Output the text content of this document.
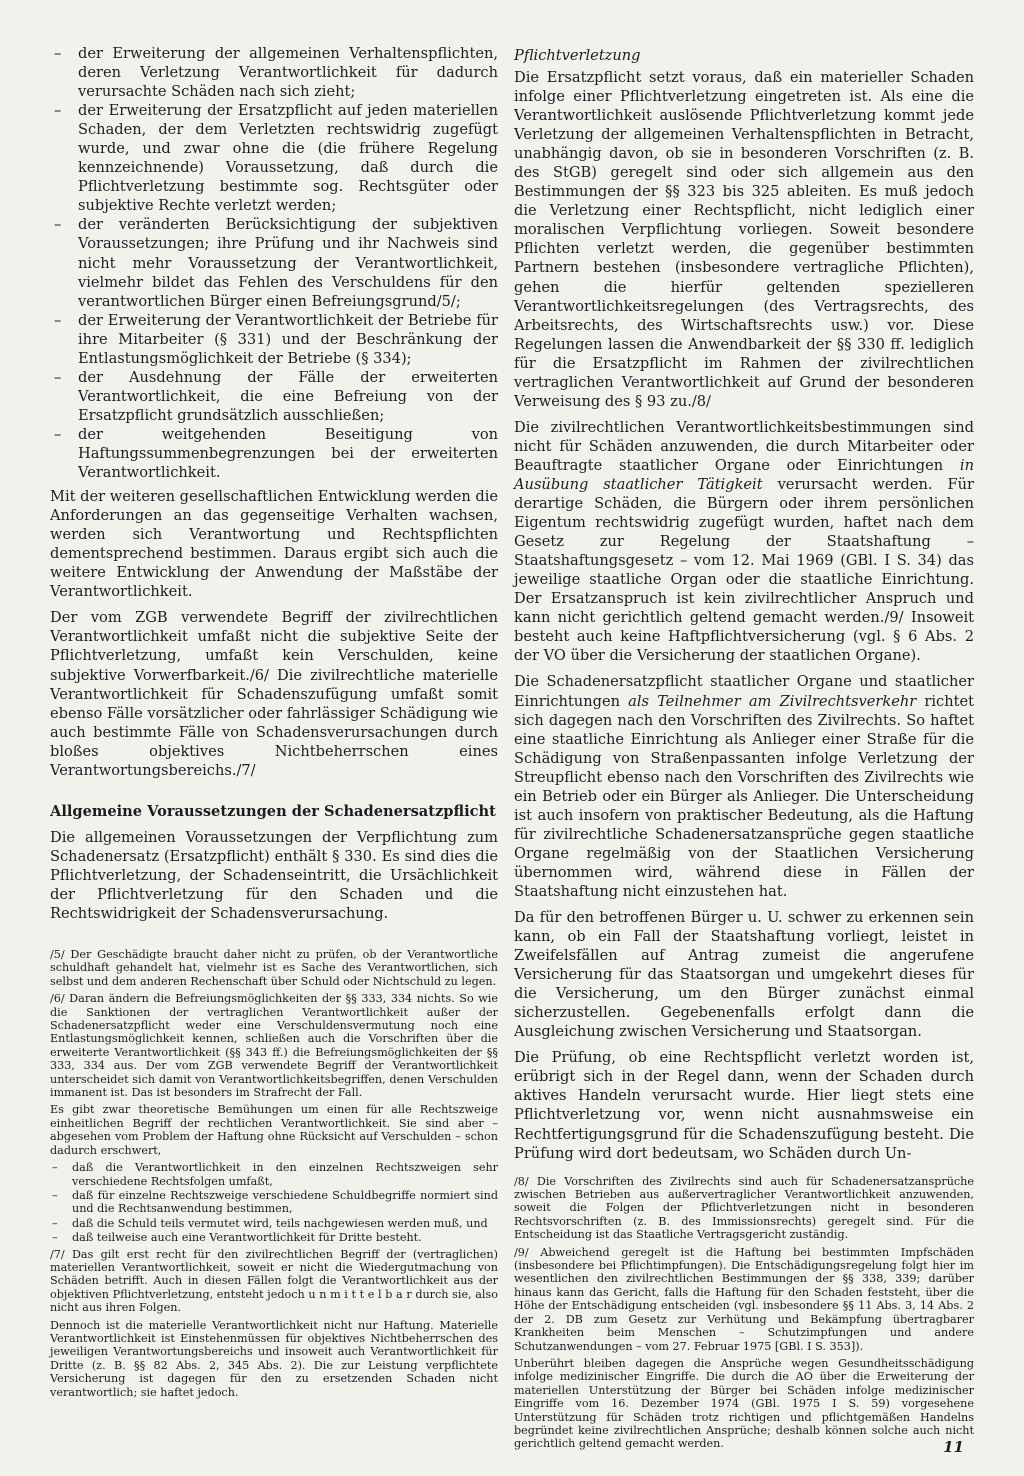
– der Erweiterung der allgemeinen Verhaltenspflichten, deren Verletzung Verantwortlichkeit für dadurch verursachte Schäden nach sich zieht;
– der Erweiterung der Ersatzpflicht auf jeden materiellen Schaden, der dem Verletzten rechtswidrig zugefügt wurde, und zwar ohne die (die frühere Regelung kennzeichnende) Voraussetzung, daß durch die Pflichtverletzung bestimmte sog. Rechtsgüter oder subjektive Rechte verletzt werden;
– der veränderten Berücksichtigung der subjektiven Voraussetzungen; ihre Prüfung und ihr Nachweis sind nicht mehr Voraussetzung der Verantwortlichkeit, vielmehr bildet das Fehlen des Verschuldens für den verantwortlichen Bürger einen Befreiungsgrund/5/;
– der Erweiterung der Verantwortlichkeit der Betriebe für ihre Mitarbeiter (§ 331) und der Beschränkung der Entlastungsmöglichkeit der Betriebe (§ 334);
– der Ausdehnung der Fälle der erweiterten Verantwortlichkeit, die eine Befreiung von der Ersatzpflicht grundsätzlich ausschließen;
– der weitgehenden Beseitigung von Haftungssummenbegrenzungen bei der erweiterten Verantwortlichkeit.

Mit der weiteren gesellschaftlichen Entwicklung werden die Anforderungen an das gegenseitige Verhalten wachsen, werden sich Verantwortung und Rechtspflichten dementsprechend bestimmen. Daraus ergibt sich auch die weitere Entwicklung der Anwendung der Maßstäbe der Verantwortlichkeit.

Der vom ZGB verwendete Begriff der zivilrechtlichen Verantwortlichkeit umfaßt nicht die subjektive Seite der Pflichtverletzung, umfaßt kein Verschulden, keine subjektive Vorwerfbarkeit./6/ Die zivilrechtliche materielle Verantwortlichkeit für Schadenszufügung umfaßt somit ebenso Fälle vorsätzlicher oder fahrlässiger Schädigung wie auch bestimmte Fälle von Schadensverursachungen durch bloßes objektives Nichtbeherrschen eines Verantwortungsbereichs./7/

Allgemeine Voraussetzungen der Schadenersatzpflicht

Die allgemeinen Voraussetzungen der Verpflichtung zum Schadenersatz (Ersatzpflicht) enthält § 330. Es sind dies die Pflichtverletzung, der Schadenseintritt, die Ursächlichkeit der Pflichtverletzung für den Schaden und die Rechtswidrigkeit der Schadensverursachung.

/5/ Der Geschädigte braucht daher nicht zu prüfen, ob der Verantwortliche schuldhaft gehandelt hat, vielmehr ist es Sache des Verantwortlichen, sich selbst und dem anderen Rechenschaft über Schuld oder Nichtschuld zu legen.

/6/ Daran ändern die Befreiungsmöglichkeiten der §§ 333, 334 nichts. So wie die Sanktionen der vertraglichen Verantwortlichkeit außer der Schadenersatzpflicht weder eine Verschuldensvermutung noch eine Entlastungsmöglichkeit kennen, schließen auch die Vorschriften über die erweiterte Verantwortlichkeit (§§ 343 ff.) die Befreiungsmöglichkeiten der §§ 333, 334 aus. Der vom ZGB verwendete Begriff der Verantwortlichkeit unterscheidet sich damit von Verantwortlichkeitsbegriffen, denen Verschulden immanent ist. Das ist besonders im Strafrecht der Fall.

Es gibt zwar theoretische Bemühungen um einen für alle Rechtszweige einheitlichen Begriff der rechtlichen Verantwortlichkeit. Sie sind aber – abgesehen vom Problem der Haftung ohne Rücksicht auf Verschulden – schon dadurch erschwert,

– daß die Verantwortlichkeit in den einzelnen Rechtszweigen sehr verschiedene Rechtsfolgen umfaßt,
– daß für einzelne Rechtszweige verschiedene Schuldbegriffe normiert sind und die Rechtsanwendung bestimmen,
– daß die Schuld teils vermutet wird, teils nachgewiesen werden muß, und
– daß teilweise auch eine Verantwortlichkeit für Dritte besteht.

/7/ Das gilt erst recht für den zivilrechtlichen Begriff der (vertraglichen) materiellen Verantwortlichkeit, soweit er nicht die Wiedergutmachung von Schäden betrifft. Auch in diesen Fällen folgt die Verantwortlichkeit aus der objektiven Pflichtverletzung, entsteht jedoch u n m i t t e l b a r durch sie, also nicht aus ihren Folgen.

Dennoch ist die materielle Verantwortlichkeit nicht nur Haftung. Materielle Verantwortlichkeit ist Einstehenmüssen für objektives Nichtbeherrschen des jeweiligen Verantwortungsbereichs und insoweit auch Verantwortlichkeit für Dritte (z. B. §§ 82 Abs. 2, 345 Abs. 2). Die zur Leistung verpflichtete Versicherung ist dagegen für den zu ersetzenden Schaden nicht verantwortlich; sie haftet jedoch.

Pflichtverletzung

Die Ersatzpflicht setzt voraus, daß ein materieller Schaden infolge einer Pflichtverletzung eingetreten ist. Als eine die Verantwortlichkeit auslösende Pflichtverletzung kommt jede Verletzung der allgemeinen Verhaltenspflichten in Betracht, unabhängig davon, ob sie in besonderen Vorschriften (z. B. des StGB) geregelt sind oder sich allgemein aus den Bestimmungen der §§ 323 bis 325 ableiten. Es muß jedoch die Verletzung einer Rechtspflicht, nicht lediglich einer moralischen Verpflichtung vorliegen. Soweit besondere Pflichten verletzt werden, die gegenüber bestimmten Partnern bestehen (insbesondere vertragliche Pflichten), gehen die hierfür geltenden spezielleren Verantwortlichkeitsregelungen (des Vertragsrechts, des Arbeitsrechts, des Wirtschaftsrechts usw.) vor. Diese Regelungen lassen die Anwendbarkeit der §§ 330 ff. lediglich für die Ersatzpflicht im Rahmen der zivilrechtlichen vertraglichen Verantwortlichkeit auf Grund der besonderen Verweisung des § 93 zu./8/

Die zivilrechtlichen Verantwortlichkeitsbestimmungen sind nicht für Schäden anzuwenden, die durch Mitarbeiter oder Beauftragte staatlicher Organe oder Einrichtungen in Ausübung staatlicher Tätigkeit verursacht werden. Für derartige Schäden, die Bürgern oder ihrem persönlichen Eigentum rechtswidrig zugefügt wurden, haftet nach dem Gesetz zur Regelung der Staatshaftung – Staatshaftungsgesetz – vom 12. Mai 1969 (GBl. I S. 34) das jeweilige staatliche Organ oder die staatliche Einrichtung. Der Ersatzanspruch ist kein zivilrechtlicher Anspruch und kann nicht gerichtlich geltend gemacht werden./9/ Insoweit besteht auch keine Haftpflichtversicherung (vgl. § 6 Abs. 2 der VO über die Versicherung der staatlichen Organe).

Die Schadenersatzpflicht staatlicher Organe und staatlicher Einrichtungen als Teilnehmer am Zivilrechtsverkehr richtet sich dagegen nach den Vorschriften des Zivilrechts. So haftet eine staatliche Einrichtung als Anlieger einer Straße für die Schädigung von Straßenpassanten infolge Verletzung der Streupflicht ebenso nach den Vorschriften des Zivilrechts wie ein Betrieb oder ein Bürger als Anlieger. Die Unterscheidung ist auch insofern von praktischer Bedeutung, als die Haftung für zivilrechtliche Schadenersatzansprüche gegen staatliche Organe regelmäßig von der Staatlichen Versicherung übernommen wird, während diese in Fällen der Staatshaftung nicht einzustehen hat.

Da für den betroffenen Bürger u. U. schwer zu erkennen sein kann, ob ein Fall der Staatshaftung vorliegt, leistet in Zweifelsfällen auf Antrag zumeist die angerufene Versicherung für das Staatsorgan und umgekehrt dieses für die Versicherung, um den Bürger zunächst einmal sicherzustellen. Gegebenenfalls erfolgt dann die Ausgleichung zwischen Versicherung und Staatsorgan.

Die Prüfung, ob eine Rechtspflicht verletzt worden ist, erübrigt sich in der Regel dann, wenn der Schaden durch aktives Handeln verursacht wurde. Hier liegt stets eine Pflichtverletzung vor, wenn nicht ausnahmsweise ein Rechtfertigungsgrund für die Schadenszufügung besteht. Die Prüfung wird dort bedeutsam, wo Schäden durch Un-

/8/ Die Vorschriften des Zivilrechts sind auch für Schadenersatzansprüche zwischen Betrieben aus außervertraglicher Verantwortlichkeit anzuwenden, soweit die Folgen der Pflichtverletzungen nicht in besonderen Rechtsvorschriften (z. B. des Immissionsrechts) geregelt sind. Für die Entscheidung ist das Staatliche Vertragsgericht zuständig.

/9/ Abweichend geregelt ist die Haftung bei bestimmten Impfschäden (insbesondere bei Pflichtimpfungen). Die Entschädigungsregelung folgt hier im wesentlichen den zivilrechtlichen Bestimmungen der §§ 338, 339; darüber hinaus kann das Gericht, falls die Haftung für den Schaden feststeht, über die Höhe der Entschädigung entscheiden (vgl. insbesondere §§ 11 Abs. 3, 14 Abs. 2 der 2. DB zum Gesetz zur Verhütung und Bekämpfung übertragbarer Krankheiten beim Menschen – Schutzimpfungen und andere Schutzanwendungen – vom 27. Februar 1975 [GBl. I S. 353]).

Unberührt bleiben dagegen die Ansprüche wegen Gesundheitsschädigung infolge medizinischer Eingriffe. Die durch die AO über die Erweiterung der materiellen Unterstützung der Bürger bei Schäden infolge medizinischer Eingriffe vom 16. Dezember 1974 (GBl. 1975 I S. 59) vorgesehene Unterstützung für Schäden trotz richtigen und pflichtgemäßen Handelns begründet keine zivilrechtlichen Ansprüche; deshalb können solche auch nicht gerichtlich geltend gemacht werden.	11
